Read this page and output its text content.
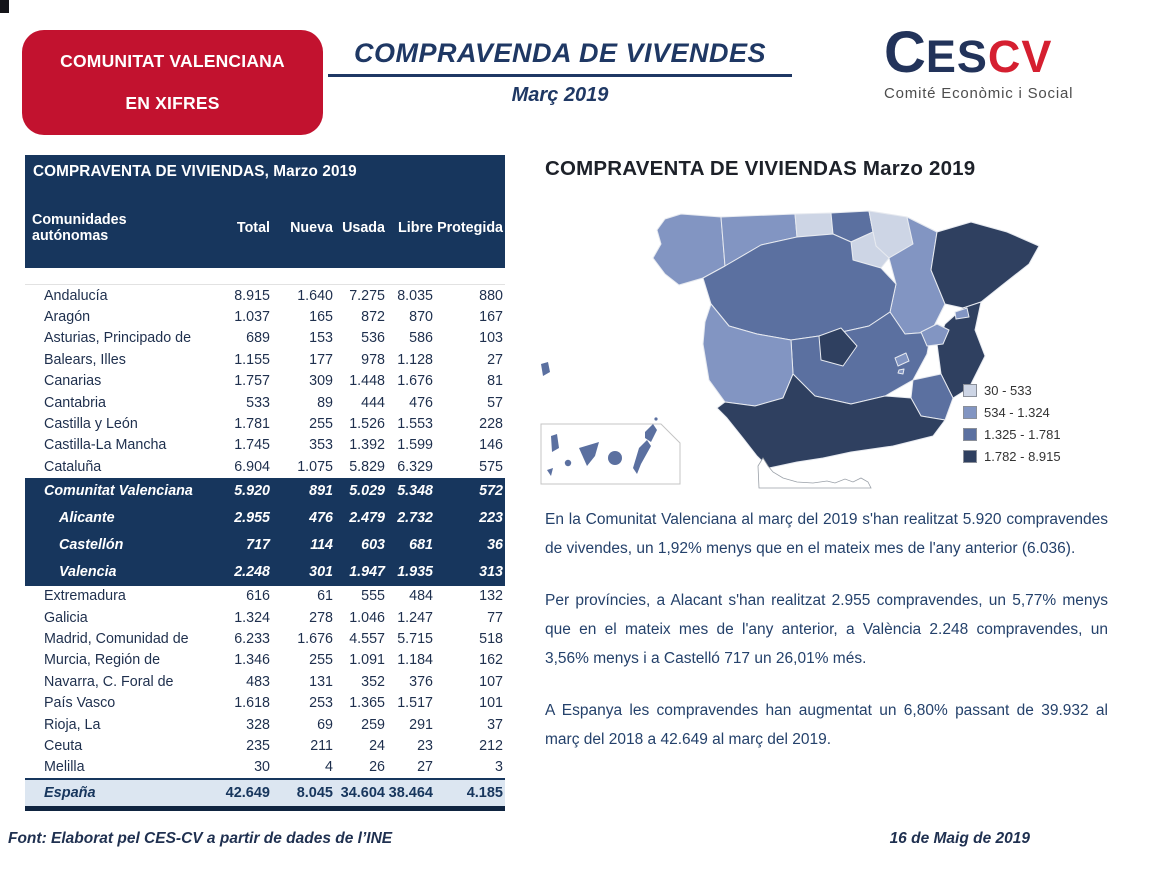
COMUNITAT VALENCIANA
EN XIFRES
COMPRAVENDA DE VIVENDES
Març 2019
C ES CV
Comité Econòmic i Social
COMPRAVENTA DE VIVIENDAS, Marzo 2019
Comunidades autónomas	Total	Nueva Usada Libre Protegida
Andalucía	8.915	1.640	7.275 8.035	880
Aragón	1.037	165	872	870	167
Asturias, Principado de	689	153	536	586	103
Balears, Illes	1.155	177	978 1.128	27
Canarias	1.757	309	1.448 1.676	81
Cantabria	533	89	444	476	57
Castilla y León	1.781	255	1.526 1.553	228
Castilla-La Mancha	1.745	353	1.392 1.599	146
Cataluña	6.904	1.075	5.829 6.329	575
Comunitat Valenciana	5.920	891	5.029 5.348	572
Alicante	2.955	476	2.479 2.732	223
Castellón	717	114	603	681	36
Valencia	2.248	301	1.947 1.935	313
Extremadura	616	61	555	484	132
Galicia	1.324	278	1.046 1.247	77
Madrid, Comunidad de	6.233	1.676	4.557 5.715	518
Murcia, Región de	1.346	255	1.091 1.184	162
Navarra, C. Foral de	483	131	352	376	107
País Vasco	1.618	253	1.365 1.517	101
Rioja, La	328	69	259	291	37
Ceuta	235	211	24	23	212
Melilla	30	4	26	27	3
España	42.649	8.045 34.604 38.464	4.185
COMPRAVENTA DE VIVIENDAS Marzo 2019
30 - 533
534 - 1.324
1.325 - 1.781
1.782 - 8.915

En la Comunitat Valenciana al març del 2019 s'han realitzat 5.920 compravendes de vivendes, un 1,92% menys que en el mateix mes de l'any anterior (6.036).

Per províncies, a Alacant s'han realitzat 2.955 compravendes, un 5,77% menys que en el mateix mes de l'any anterior, a València 2.248 compravendes, un 3,56% menys i a Castelló 717 un 26,01% més.

A Espanya les compravendes han augmentat un 6,80% passant de 39.932 al març del 2018 a 42.649 al març del 2019.

Font: Elaborat pel CES-CV a partir de dades de l’INE	16 de Maig de 2019
